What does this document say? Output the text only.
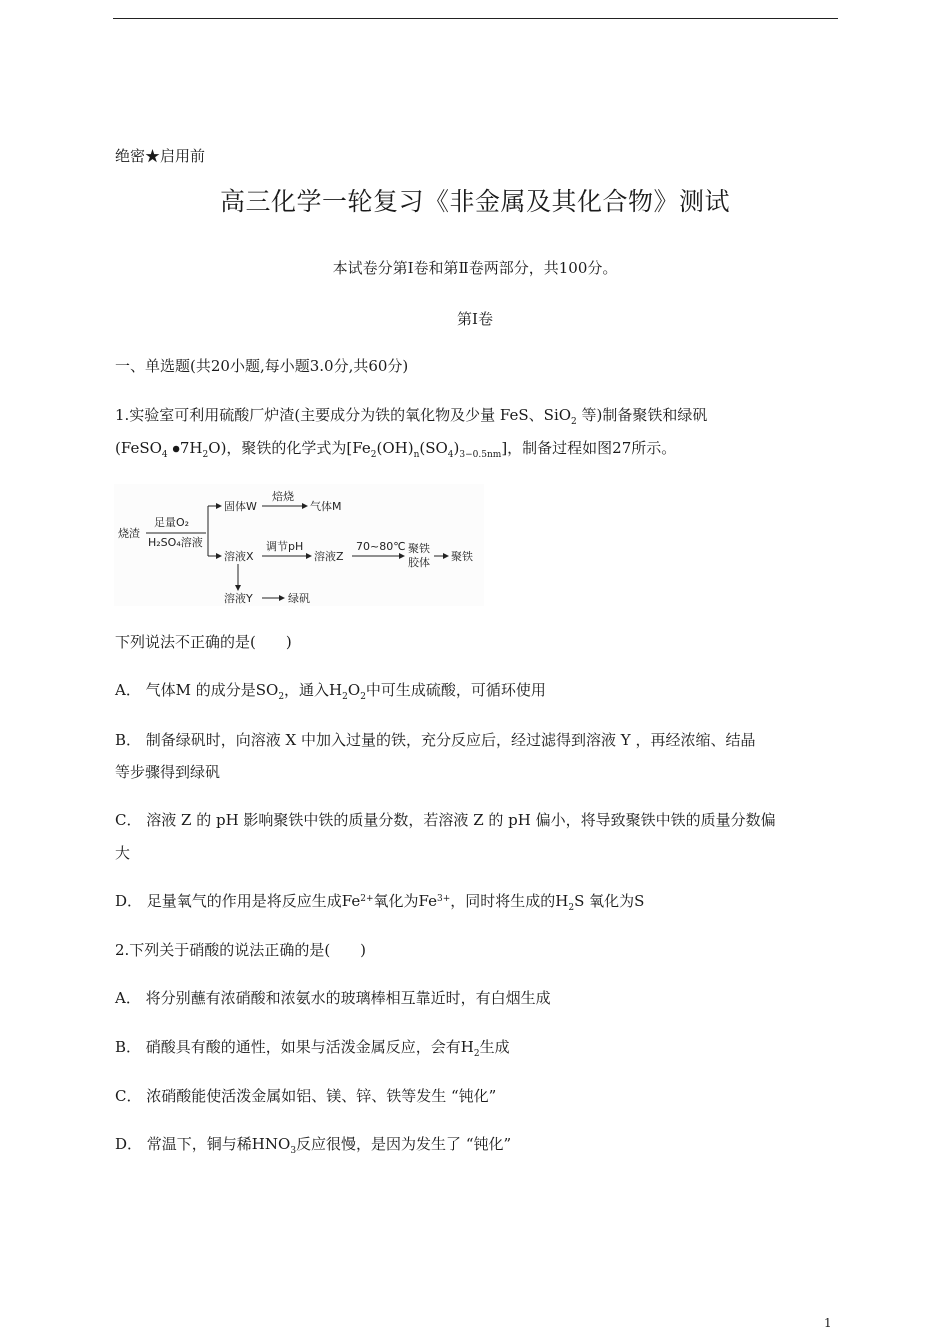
绝密★启用前
高三化学一轮复习《非金属及其化合物》测试
本试卷分第Ⅰ卷和第Ⅱ卷两部分，共100分。
第Ⅰ卷
一、单选题(共20小题,每小题3.0分,共60分)
1.实验室可利用硫酸厂炉渣(主要成分为铁的氧化物及少量 FeS、SiO$_2$ 等)制备聚铁和绿矾
(FeSO$_4$ $⦁7H_2O$)，聚铁的化学式为$[Fe_2(OH)_n(SO_4)_{3-0.5nm}]$，制备过程如图27所示。
烧渣
足量O₂
H₂SO₄溶液
固体W
焙烧
气体M
溶液X
调节pH
溶液Z
70~80℃ 聚铁
胶体 聚铁
溶液Y	绿矾
下列说法不正确的是(　　)
A． 气体M 的成分是$SO_2$，通入$H_2O_2$中可生成硫酸，可循环使用
B． 制备绿矾时，向溶液 X 中加入过量的铁，充分反应后，经过滤得到溶液 Y ，再经浓缩、结晶
等步骤得到绿矾
C． 溶液 Z 的 pH 影响聚铁中铁的质量分数，若溶液 Z 的 pH 偏小，将导致聚铁中铁的质量分数偏
大
D． 足量氧气的作用是将反应生成$Fe^{2+}$氧化为$Fe^{3+}$，同时将生成的$H_2S$ 氧化为S
2.下列关于硝酸的说法正确的是(　　)
A． 将分别蘸有浓硝酸和浓氨水的玻璃棒相互靠近时，有白烟生成
B． 硝酸具有酸的通性，如果与活泼金属反应，会有$H_2$生成
C． 浓硝酸能使活泼金属如铝、镁、锌、铁等发生 “钝化”
D． 常温下，铜与稀$HNO_3$反应很慢，是因为发生了 “钝化”
1
